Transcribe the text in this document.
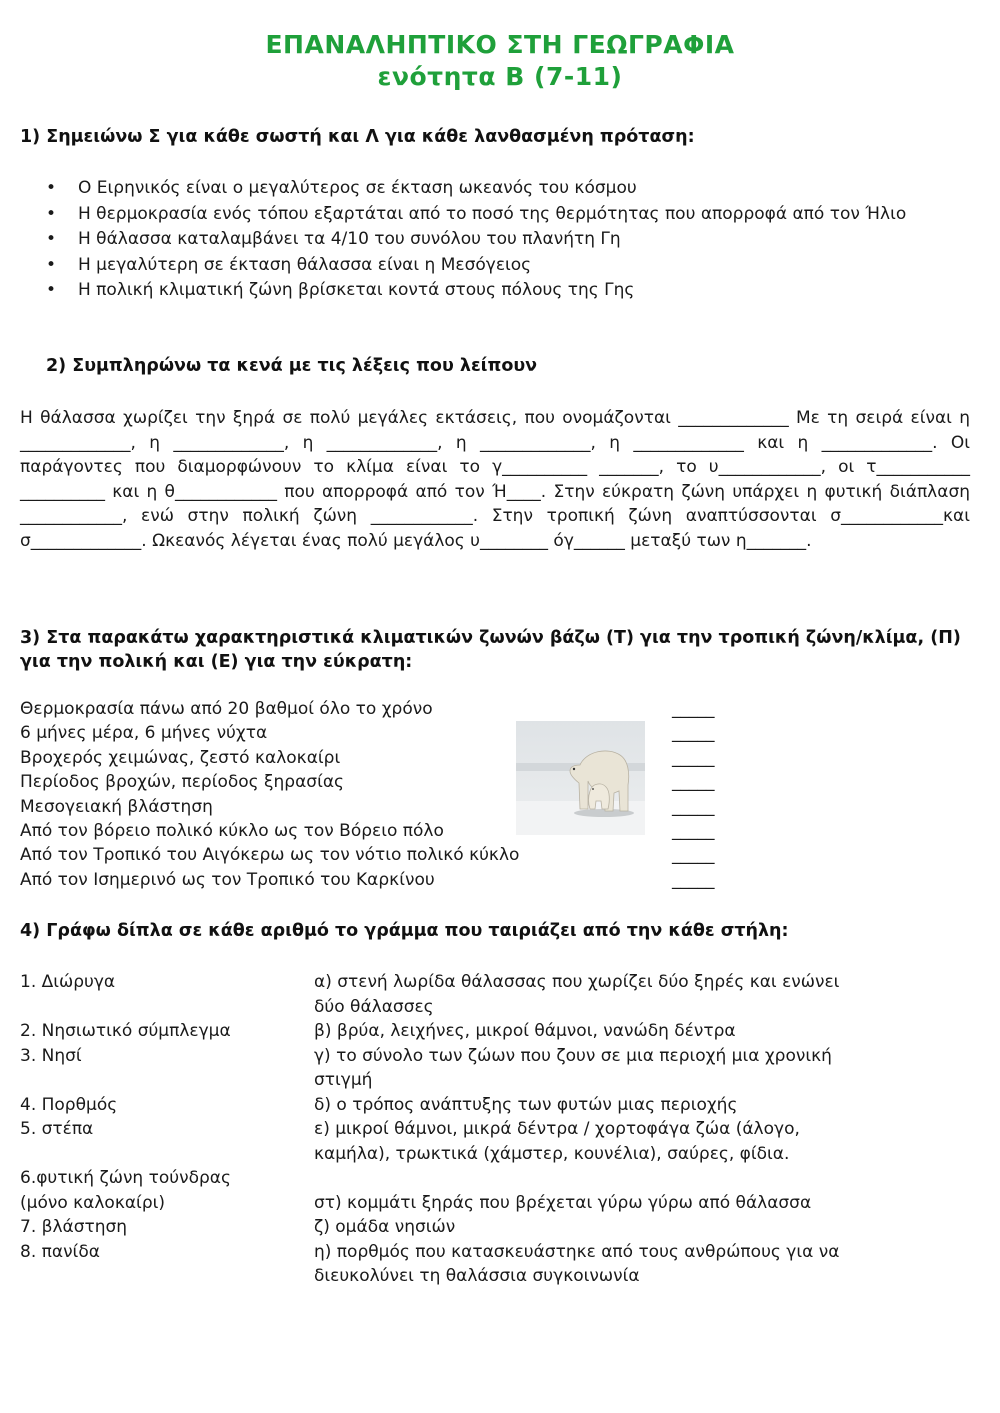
ΕΠΑΝΑΛΗΠΤΙΚΟ ΣΤΗ ΓΕΩΓΡΑΦΙΑ
ενότητα Β (7-11)
1) Σημειώνω Σ για κάθε σωστή και Λ για κάθε λανθασμένη πρόταση:
• Ο Ειρηνικός είναι ο μεγαλύτερος σε έκταση ωκεανός του κόσμου
• Η θερμοκρασία ενός τόπου εξαρτάται από το ποσό της θερμότητας που απορροφά από τον Ήλιο
• Η θάλασσα καταλαμβάνει τα 4/10 του συνόλου του πλανήτη Γη
• Η μεγαλύτερη σε έκταση θάλασσα είναι η Μεσόγειος
• Η πολική κλιματική ζώνη βρίσκεται κοντά στους πόλους της Γης
2) Συμπληρώνω τα κενά με τις λέξεις που λείπουν
Η θάλασσα χωρίζει την ξηρά σε πολύ μεγάλες εκτάσεις, που ονομάζονται _____________ Με τη σειρά είναι η _____________, η _____________, η _____________, η _____________, η _____________ και η _____________. Οι παράγοντες που διαμορφώνουν το κλίμα είναι το γ__________ _______, το υ____________, οι τ___________ __________ και η θ____________ που απορροφά από τον Ή____. Στην εύκρατη ζώνη υπάρχει η φυτική διάπλαση ____________, ενώ στην πολική ζώνη ____________. Στην τροπική ζώνη αναπτύσσονται σ____________και σ_____________. Ωκεανός λέγεται ένας πολύ μεγάλος υ________ όγ______ μεταξύ των η_______.
3) Στα παρακάτω χαρακτηριστικά κλιματικών ζωνών βάζω (Τ) για την τροπική ζώνη/κλίμα, (Π) για την πολική και (Ε) για την εύκρατη:
Θερμοκρασία πάνω από 20 βαθμοί όλο το χρόνο
6 μήνες μέρα, 6 μήνες νύχτα
Βροχερός χειμώνας, ζεστό καλοκαίρι
Περίοδος βροχών, περίοδος ξηρασίας
Μεσογειακή βλάστηση
Από τον βόρειο πολικό κύκλο ως τον Βόρειο πόλο
Από τον Τροπικό του Αιγόκερω ως τον νότιο πολικό κύκλο
Από τον Ισημερινό ως τον Τροπικό του Καρκίνου
_____
_____
_____
_____
_____
_____
_____
_____
4) Γράφω δίπλα σε κάθε αριθμό το γράμμα που ταιριάζει από την κάθε στήλη:
1. Διώρυγα

2. Νησιωτικό σύμπλεγμα
3. Νησί

4. Πορθμός
5. στέπα

6.φυτική ζώνη τούνδρας
(μόνο καλοκαίρι)
7. βλάστηση
8. πανίδα

α) στενή λωρίδα θάλασσας που χωρίζει δύο ξηρές και ενώνει
δύο θάλασσες
β) βρύα, λειχήνες, μικροί θάμνοι, νανώδη δέντρα
γ) το σύνολο των ζώων που ζουν σε μια περιοχή μια χρονική
στιγμή
δ) ο τρόπος ανάπτυξης των φυτών μιας περιοχής
ε) μικροί θάμνοι, μικρά δέντρα / χορτοφάγα ζώα (άλογο,
καμήλα), τρωκτικά (χάμστερ, κουνέλια), σαύρες, φίδια.

στ) κομμάτι ξηράς που βρέχεται γύρω γύρω από θάλασσα
ζ) ομάδα νησιών
η) πορθμός που κατασκευάστηκε από τους ανθρώπους για να
διευκολύνει τη θαλάσσια συγκοινωνία
